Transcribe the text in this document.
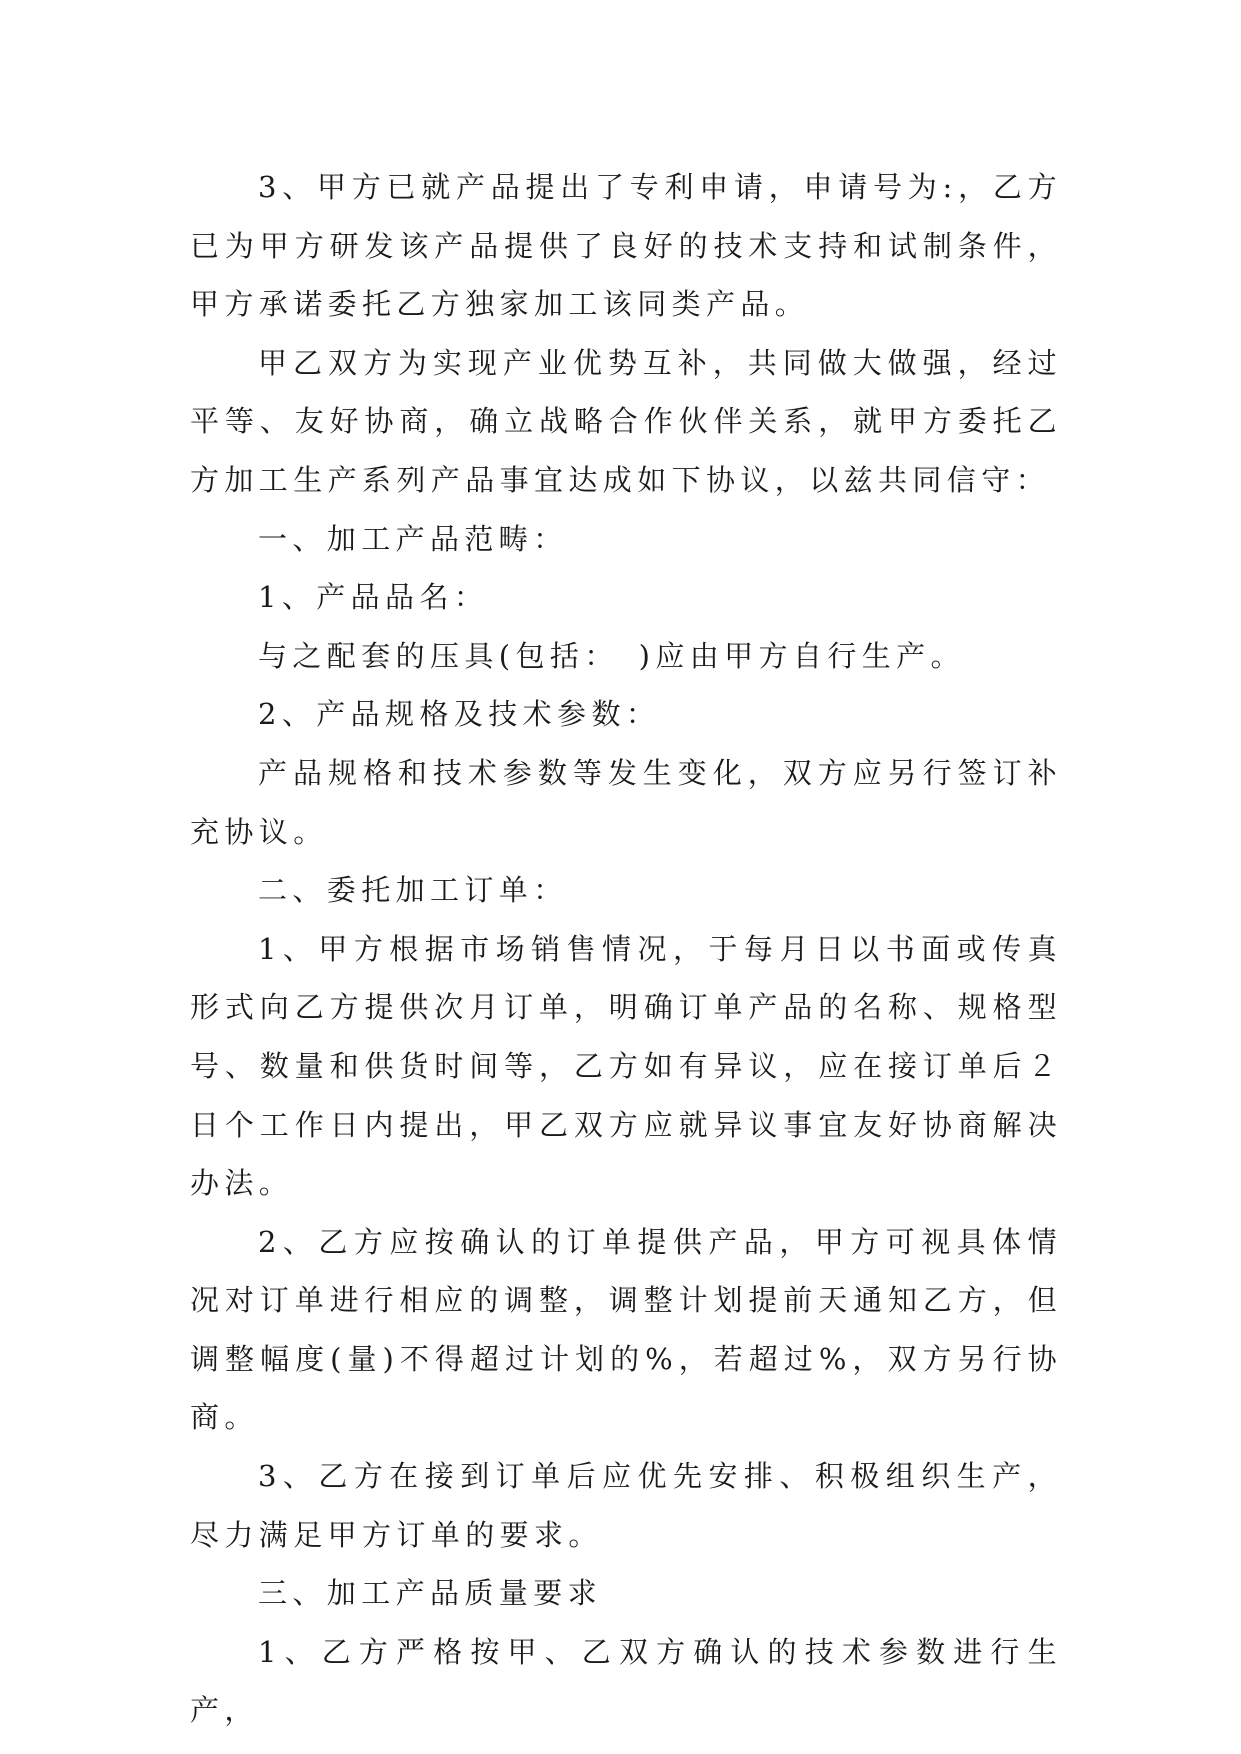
3、甲方已就产品提出了专利申请，申请号为:，乙方已为甲方研发该产品提供了良好的技术支持和试制条件，甲方承诺委托乙方独家加工该同类产品。

甲乙双方为实现产业优势互补，共同做大做强，经过平等、友好协商，确立战略合作伙伴关系，就甲方委托乙方加工生产系列产品事宜达成如下协议，以兹共同信守：

一、加工产品范畴：

1、产品品名：

与之配套的压具(包括：　)应由甲方自行生产。

2、产品规格及技术参数：

产品规格和技术参数等发生变化，双方应另行签订补充协议。

二、委托加工订单：

1、甲方根据市场销售情况，于每月日以书面或传真形式向乙方提供次月订单，明确订单产品的名称、规格型号、数量和供货时间等，乙方如有异议，应在接订单后２日个工作日内提出，甲乙双方应就异议事宜友好协商解决办法。

2、乙方应按确认的订单提供产品，甲方可视具体情况对订单进行相应的调整，调整计划提前天通知乙方，但调整幅度(量)不得超过计划的%，若超过%，双方另行协商。

3、乙方在接到订单后应优先安排、积极组织生产，尽力满足甲方订单的要求。

三、加工产品质量要求

1、乙方严格按甲、乙双方确认的技术参数进行生产，
